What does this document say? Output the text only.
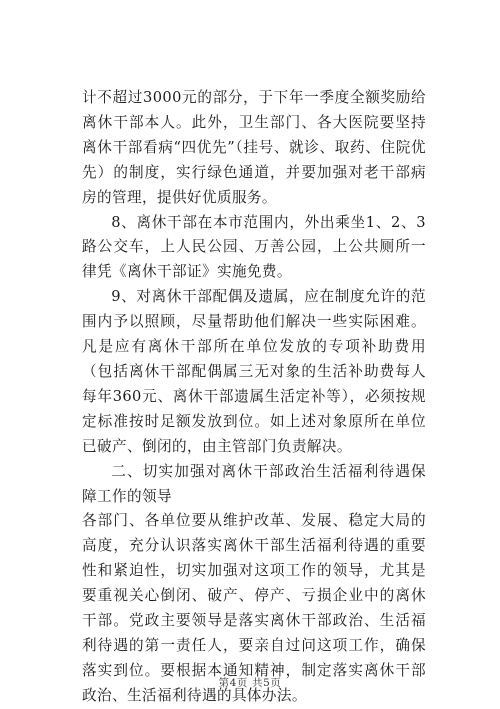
计不超过3000元的部分，于下年一季度全额奖励给离休干部本人。此外，卫生部门、各大医院要坚持离休干部看病“四优先”（挂号、就诊、取药、住院优先）的制度，实行绿色通道，并要加强对老干部病房的管理，提供好优质服务。

8、离休干部在本市范围内，外出乘坐1、2、3路公交车，上人民公园、万善公园，上公共厕所一律凭《离休干部证》实施免费。

9、对离休干部配偶及遗属，应在制度允许的范围内予以照顾，尽量帮助他们解决一些实际困难。凡是应有离休干部所在单位发放的专项补助费用（包括离休干部配偶属三无对象的生活补助费每人每年360元、离休干部遗属生活定补等），必须按规定标准按时足额发放到位。如上述对象原所在单位已破产、倒闭的，由主管部门负责解决。

二、切实加强对离休干部政治生活福利待遇保障工作的领导

各部门、各单位要从维护改革、发展、稳定大局的高度，充分认识落实离休干部生活福利待遇的重要性和紧迫性，切实加强对这项工作的领导，尤其是要重视关心倒闭、破产、停产、亏损企业中的离休干部。党政主要领导是落实离休干部政治、生活福利待遇的第一责任人，要亲自过问这项工作，确保落实到位。要根据本通知精神，制定落实离休干部政治、生活福利待遇的具体办法。

第4页 共5页
